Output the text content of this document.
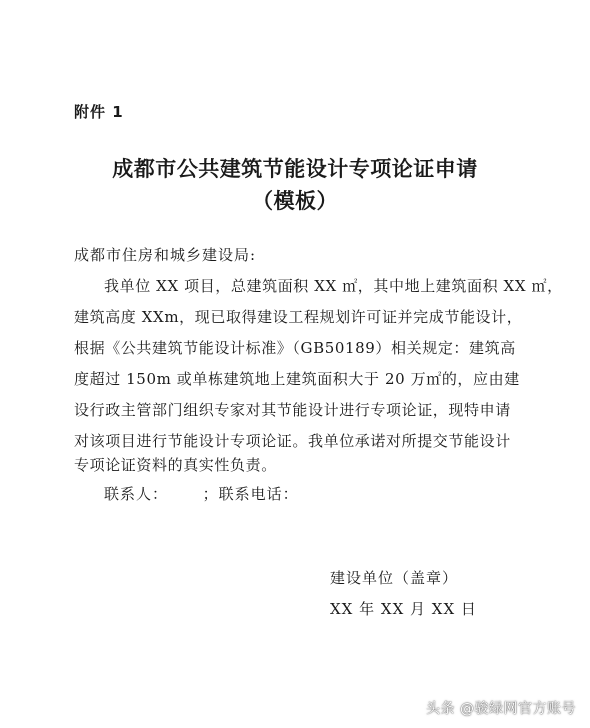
附件 1
成都市公共建筑节能设计专项论证申请
（模板）
成都市住房和城乡建设局:
我单位 XX 项目，总建筑面积 XX ㎡，其中地上建筑面积 XX ㎡，
建筑高度 XXm，现已取得建设工程规划许可证并完成节能设计，
根据《公共建筑节能设计标准》（GB50189）相关规定：建筑高
度超过 150m 或单栋建筑地上建筑面积大于 20 万㎡的，应由建
设行政主管部门组织专家对其节能设计进行专项论证，现特申请
对该项目进行节能设计专项论证。我单位承诺对所提交节能设计
专项论证资料的真实性负责。
联系人：      ；联系电话：
建设单位（盖章）
XX 年 XX 月 XX 日
头条 @骏绿网官方账号
